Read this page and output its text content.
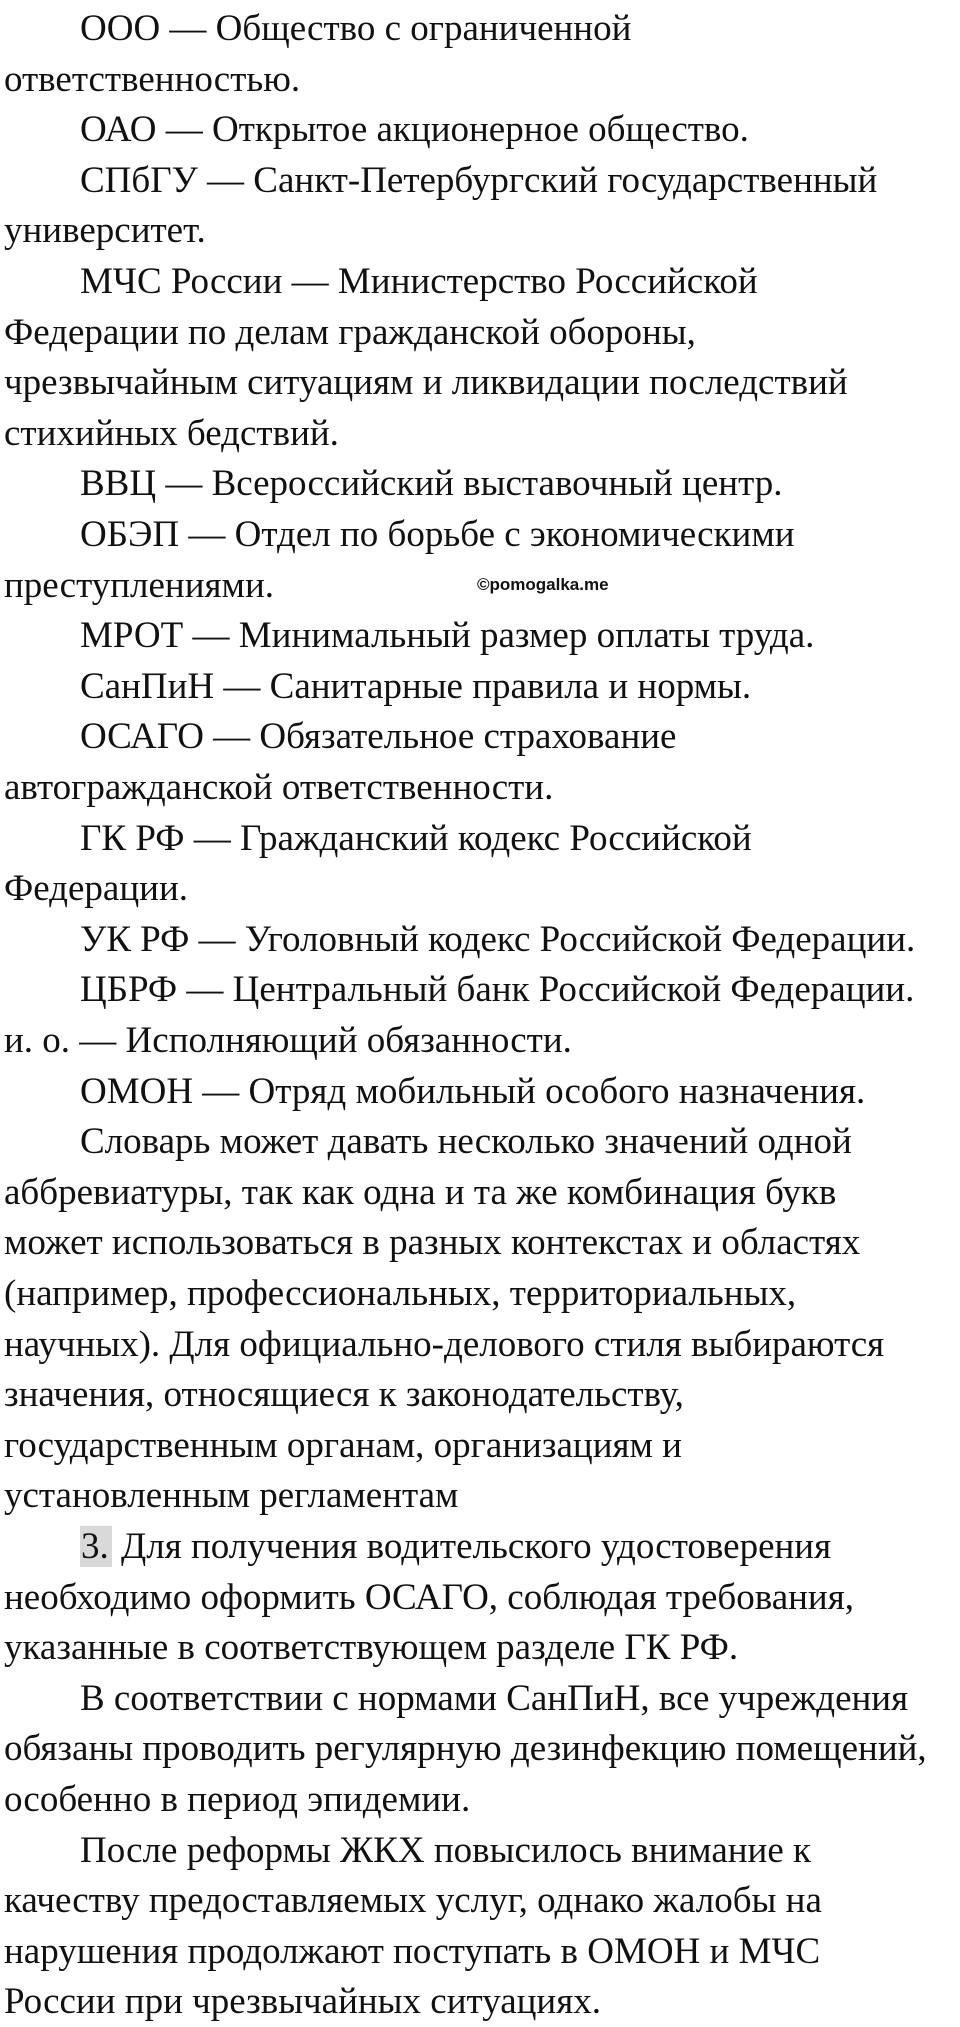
ООО — Общество с ограниченной
ответственностью.
ОАО — Открытое акционерное общество.
СПбГУ — Санкт-Петербургский государственный
университет.
МЧС России — Министерство Российской
Федерации по делам гражданской обороны,
чрезвычайным ситуациям и ликвидации последствий
стихийных бедствий.
ВВЦ — Всероссийский выставочный центр.
ОБЭП — Отдел по борьбе с экономическими
преступлениями.
МРОТ — Минимальный размер оплаты труда.
СанПиН — Санитарные правила и нормы.
ОСАГО — Обязательное страхование
автогражданской ответственности.
ГК РФ — Гражданский кодекс Российской
Федерации.
УК РФ — Уголовный кодекс Российской Федерации.
ЦБРФ — Центральный банк Российской Федерации.
и. о. — Исполняющий обязанности.
ОМОН — Отряд мобильный особого назначения.
Словарь может давать несколько значений одной
аббревиатуры, так как одна и та же комбинация букв
может использоваться в разных контекстах и областях
(например, профессиональных, территориальных,
научных). Для официально-делового стиля выбираются
значения, относящиеся к законодательству,
государственным органам, организациям и
установленным регламентам
3. Для получения водительского удостоверения
необходимо оформить ОСАГО, соблюдая требования,
указанные в соответствующем разделе ГК РФ.
В соответствии с нормами СанПиН, все учреждения
обязаны проводить регулярную дезинфекцию помещений,
особенно в период эпидемии.
После реформы ЖКХ повысилось внимание к
качеству предоставляемых услуг, однако жалобы на
нарушения продолжают поступать в ОМОН и МЧС
России при чрезвычайных ситуациях.
©pomogalka.me
